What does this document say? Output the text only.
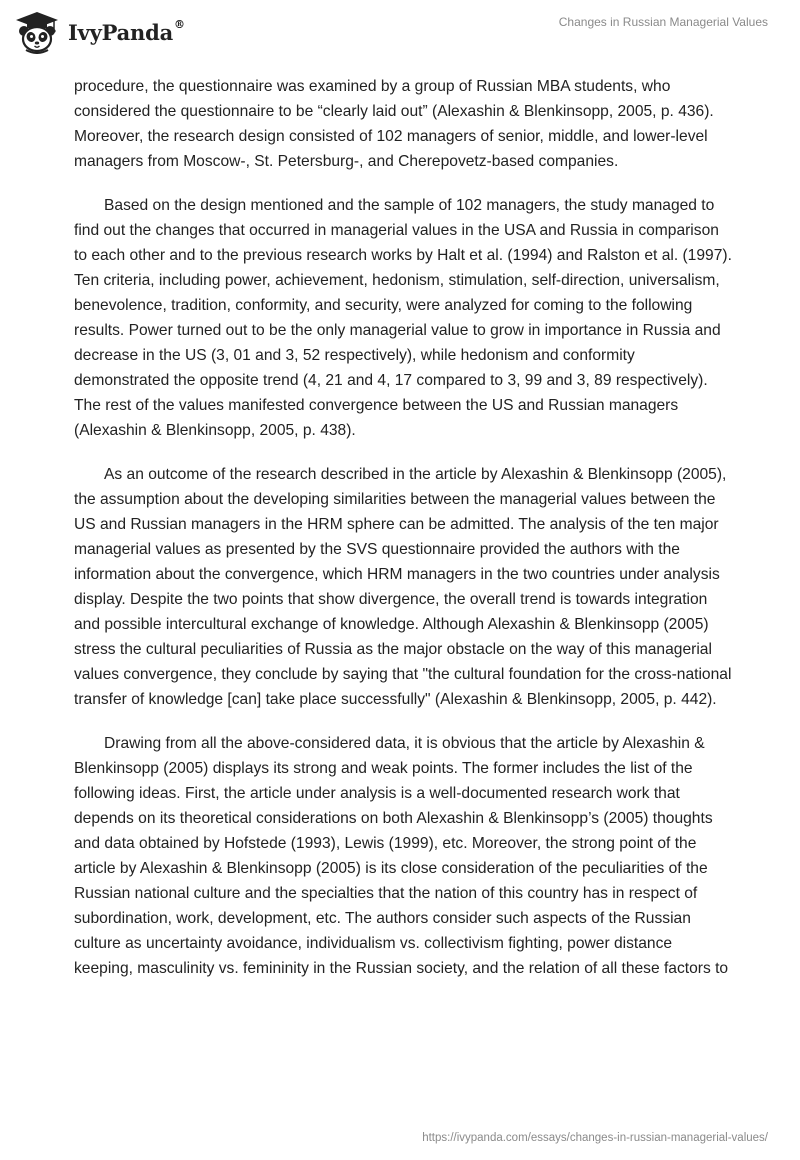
IvyPanda®	Changes in Russian Managerial Values

procedure, the questionnaire was examined by a group of Russian MBA students, who considered the questionnaire to be “clearly laid out” (Alexashin & Blenkinsopp, 2005, p. 436). Moreover, the research design consisted of 102 managers of senior, middle, and lower-level managers from Moscow-, St. Petersburg-, and Cherepovetz-based companies.

Based on the design mentioned and the sample of 102 managers, the study managed to find out the changes that occurred in managerial values in the USA and Russia in comparison to each other and to the previous research works by Halt et al. (1994) and Ralston et al. (1997). Ten criteria, including power, achievement, hedonism, stimulation, self-direction, universalism, benevolence, tradition, conformity, and security, were analyzed for coming to the following results. Power turned out to be the only managerial value to grow in importance in Russia and decrease in the US (3, 01 and 3, 52 respectively), while hedonism and conformity demonstrated the opposite trend (4, 21 and 4, 17 compared to 3, 99 and 3, 89 respectively). The rest of the values manifested convergence between the US and Russian managers (Alexashin & Blenkinsopp, 2005, p. 438).

As an outcome of the research described in the article by Alexashin & Blenkinsopp (2005), the assumption about the developing similarities between the managerial values between the US and Russian managers in the HRM sphere can be admitted. The analysis of the ten major managerial values as presented by the SVS questionnaire provided the authors with the information about the convergence, which HRM managers in the two countries under analysis display. Despite the two points that show divergence, the overall trend is towards integration and possible intercultural exchange of knowledge. Although Alexashin & Blenkinsopp (2005) stress the cultural peculiarities of Russia as the major obstacle on the way of this managerial values convergence, they conclude by saying that "the cultural foundation for the cross-national transfer of knowledge [can] take place successfully" (Alexashin & Blenkinsopp, 2005, p. 442).

Drawing from all the above-considered data, it is obvious that the article by Alexashin & Blenkinsopp (2005) displays its strong and weak points. The former includes the list of the following ideas. First, the article under analysis is a well-documented research work that depends on its theoretical considerations on both Alexashin & Blenkinsopp’s (2005) thoughts and data obtained by Hofstede (1993), Lewis (1999), etc. Moreover, the strong point of the article by Alexashin & Blenkinsopp (2005) is its close consideration of the peculiarities of the Russian national culture and the specialties that the nation of this country has in respect of subordination, work, development, etc. The authors consider such aspects of the Russian culture as uncertainty avoidance, individualism vs. collectivism fighting, power distance keeping, masculinity vs. femininity in the Russian society, and the relation of all these factors to

https://ivypanda.com/essays/changes-in-russian-managerial-values/
